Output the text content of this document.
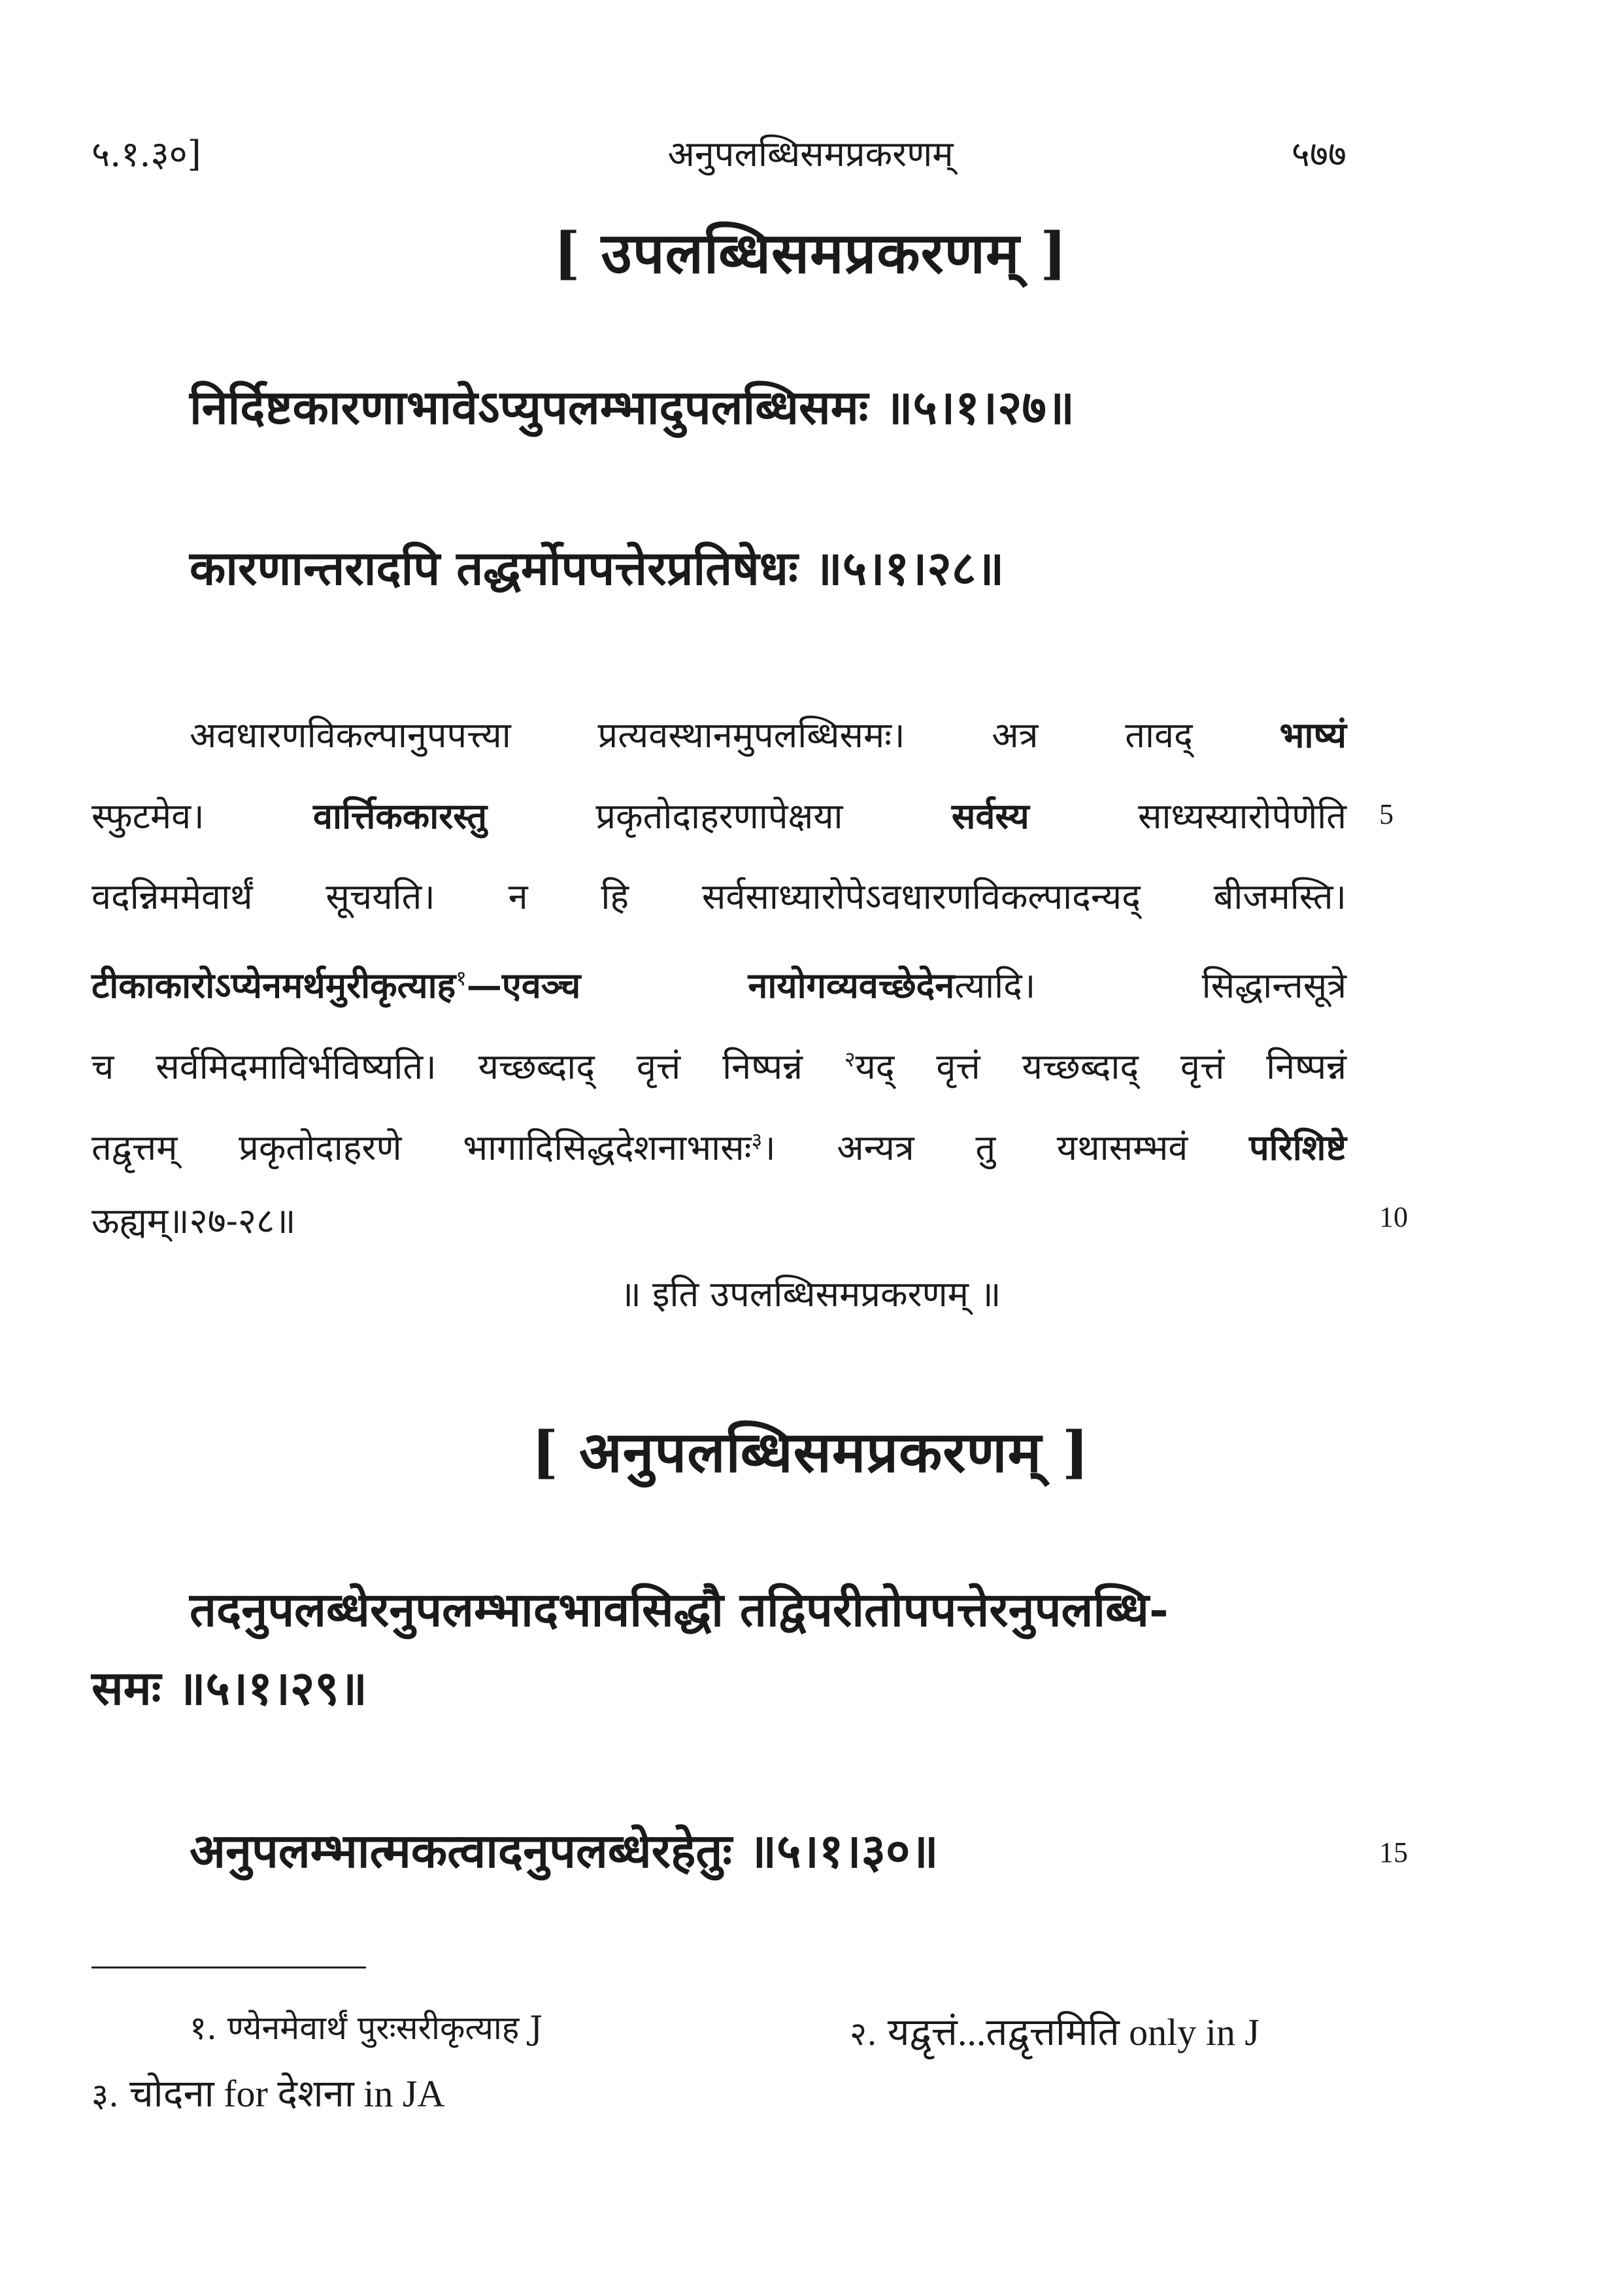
५.१.३०]	अनुपलब्धिसमप्रकरणम्	५७७
[ उपलब्धिसमप्रकरणम् ]
निर्दिष्टकारणाभावेऽप्युपलम्भादुपलब्धिसमः ॥५।१।२७॥
कारणान्तरादपि तद्धर्मोपपत्तेरप्रतिषेधः ॥५।१।२८॥
अवधारणविकल्पानुपपत्त्या प्रत्यवस्थानमुपलब्धिसमः। अत्र तावद् भाष्यं
स्फुटमेव।	वार्त्तिककारस्तु	प्रकृतोदाहरणापेक्षया	सर्वस्य	साध्यस्यारोपेणेति
वदन्निममेवार्थं सूचयति। न हि सर्वसाध्यारोपेऽवधारणविकल्पादन्यद् बीजमस्ति।
टीकाकारोऽप्येनमर्थमुरीकृत्याह$^१$—एवञ्च नायोगव्यवच्छेदेनत्यादि। सिद्धान्तसूत्रे
च सर्वमिदमाविर्भविष्यति। यच्छब्दाद् वृत्तं निष्पन्नं $^२$यद् वृत्तं यच्छब्दाद् वृत्तं निष्पन्नं
तद्वृत्तम् प्रकृतोदाहरणे भागादिसिद्धदेशनाभासः$^३$। अन्यत्र तु यथासम्भवं परिशिष्टे
ऊह्यम्॥२७-२८॥
॥ इति उपलब्धिसमप्रकरणम् ॥
[ अनुपलब्धिसमप्रकरणम् ]
तदनुपलब्धेरनुपलम्भादभावसिद्धौ तद्विपरीतोपपत्तेरनुपलब्धि-
समः ॥५।१।२९॥
अनुपलम्भात्मकत्वादनुपलब्धेरहेतुः ॥५।१।३०॥
5
10
15
१. ण्येनमेवार्थं पुरःसरीकृत्याह J	२. यद्वृत्तं...तद्वृत्तमिति only in J
३. चोदना for देशना in JA
